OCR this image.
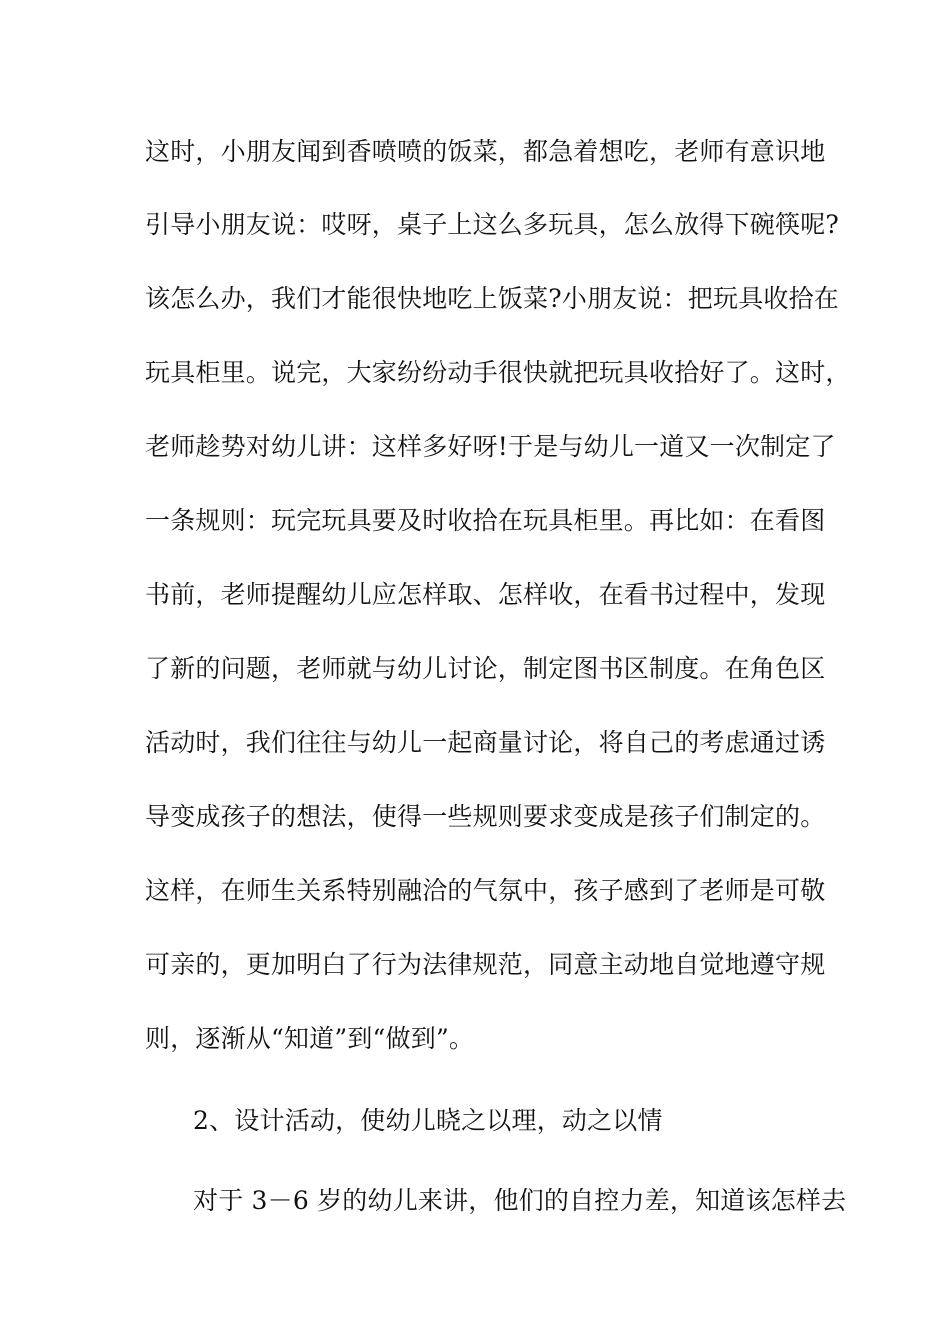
这时，小朋友闻到香喷喷的饭菜，都急着想吃，老师有意识地
引导小朋友说：哎呀，桌子上这么多玩具，怎么放得下碗筷呢?
该怎么办，我们才能很快地吃上饭菜?小朋友说：把玩具收拾在
玩具柜里。说完，大家纷纷动手很快就把玩具收拾好了。这时，
老师趁势对幼儿讲：这样多好呀!于是与幼儿一道又一次制定了
一条规则：玩完玩具要及时收拾在玩具柜里。再比如：在看图
书前，老师提醒幼儿应怎样取、怎样收，在看书过程中，发现
了新的问题，老师就与幼儿讨论，制定图书区制度。在角色区
活动时，我们往往与幼儿一起商量讨论，将自己的考虑通过诱
导变成孩子的想法，使得一些规则要求变成是孩子们制定的。
这样，在师生关系特别融洽的气氛中，孩子感到了老师是可敬
可亲的，更加明白了行为法律规范，同意主动地自觉地遵守规
则，逐渐从“知道”到“做到”。
2、设计活动，使幼儿晓之以理，动之以情
对于 3－6 岁的幼儿来讲，他们的自控力差，知道该怎样去
